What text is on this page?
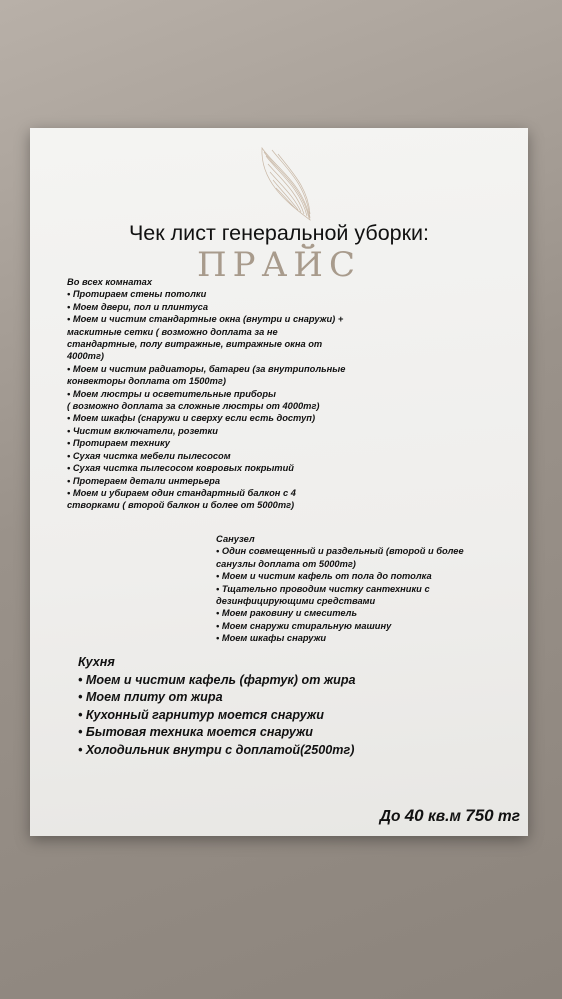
Чек лист генеральной уборки:
ПРАЙС
Во всех комнатах
• Протираем стены потолки
• Моем двери, пол и плинтуса
• Моем и чистим стандартные окна (внутри и снаружи) +
маскитные сетки ( возможно доплата за не
стандартные, полу витражные, витражные окна от
4000тг)
• Моем и чистим радиаторы, батареи (за внутрипольные
конвекторы доплата от 1500тг)
• Моем люстры и осветительные приборы
( возможно доплата за сложные люстры от 4000тг)
• Моем шкафы (снаружи и сверху если есть доступ)
• Чистим включатели, розетки
• Протираем технику
• Сухая чистка мебели пылесосом
• Сухая чистка пылесосом ковровых покрытий
• Протераем детали интерьера
• Моем и убираем один стандартный балкон с 4
створками ( второй балкон и более от 5000тг)
Санузел
• Один совмещенный и раздельный (второй и более
санузлы доплата от 5000тг)
• Моем и чистим кафель от пола до потолка
• Тщательно проводим чистку сантехники с
дезинфицирующими средствами
• Моем раковину и смеситель
• Моем снаружи стиральную машину
• Моем шкафы снаружи
Кухня
• Моем и чистим кафель (фартук) от жира
• Моем плиту от жира
• Кухонный гарнитур моется снаружи
• Бытовая техника моется снаружи
• Холодильник внутри с доплатой(2500тг)
До 40 кв.м 750 тг
